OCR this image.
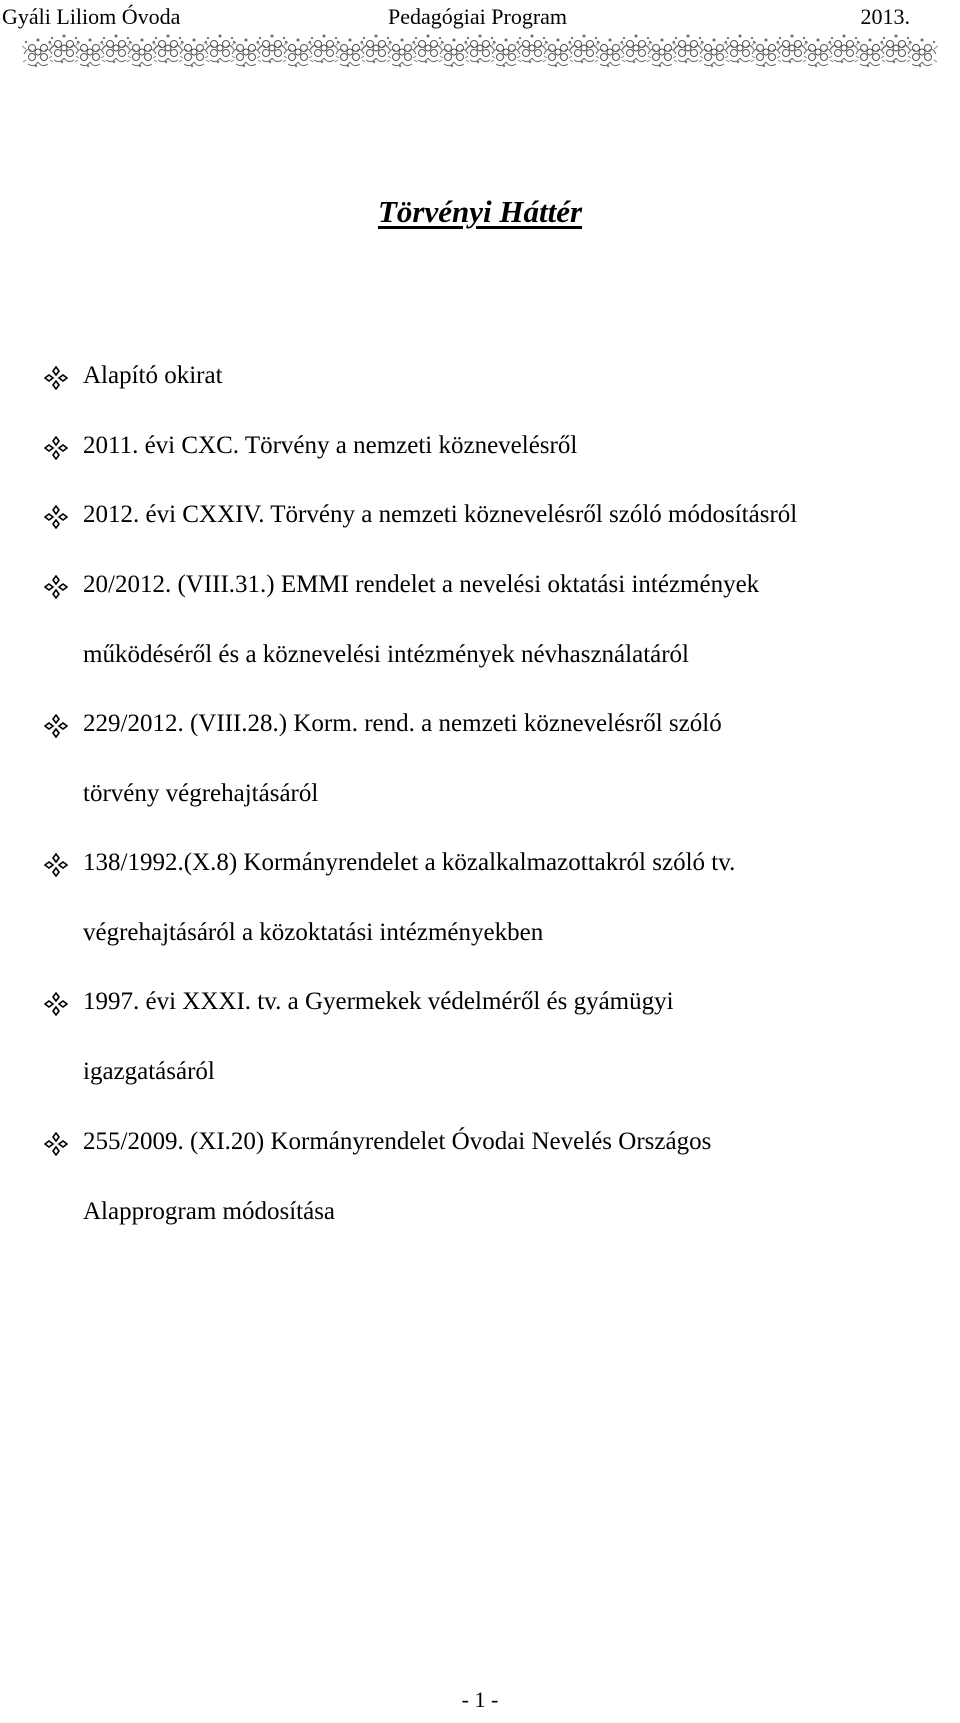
Gyáli Liliom Óvoda	Pedagógiai Program	2013.
Törvényi Háttér
Alapító okirat
2011. évi CXC. Törvény a nemzeti köznevelésről
2012. évi CXXIV. Törvény a nemzeti köznevelésről szóló módosításról
20/2012. (VIII.31.) EMMI rendelet a nevelési oktatási intézmények
működéséről és a köznevelési intézmények névhasználatáról
229/2012. (VIII.28.) Korm. rend. a nemzeti köznevelésről szóló
törvény végrehajtásáról
138/1992.(X.8) Kormányrendelet a közalkalmazottakról szóló tv.
végrehajtásáról a közoktatási intézményekben
1997. évi XXXI. tv. a Gyermekek védelméről és gyámügyi
igazgatásáról
255/2009. (XI.20) Kormányrendelet Óvodai Nevelés Országos
Alapprogram módosítása
- 1 -
